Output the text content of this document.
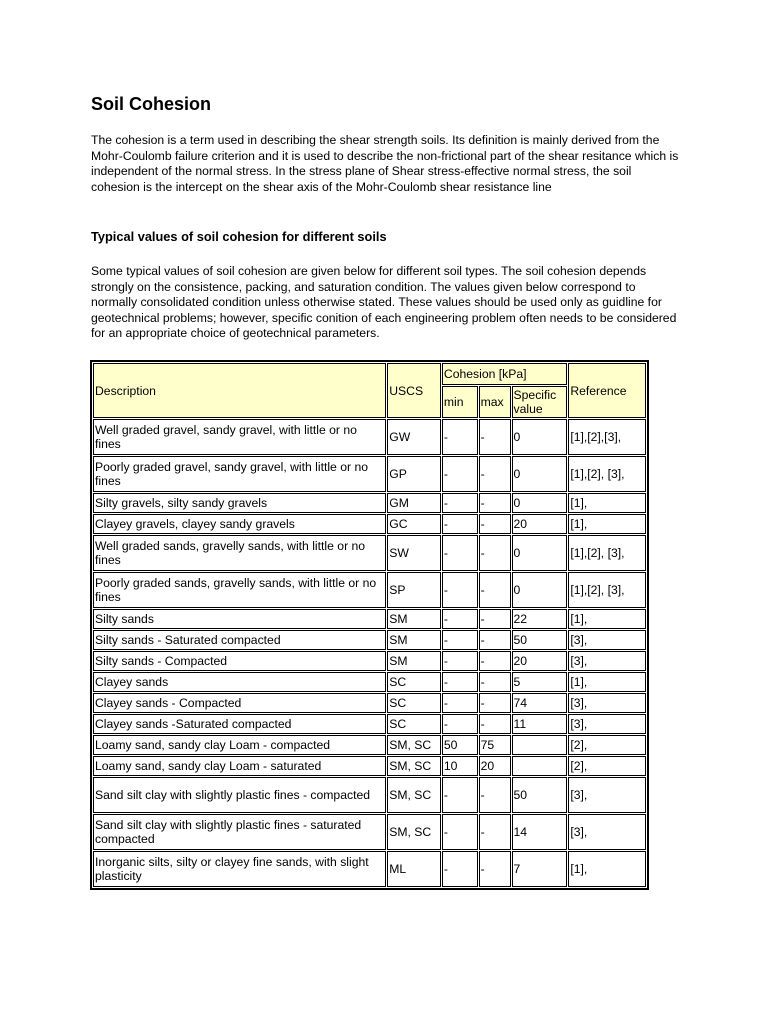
Soil Cohesion

The cohesion is a term used in describing the shear strength soils. Its definition is mainly derived from the Mohr-Coulomb failure criterion and it is used to describe the non-frictional part of the shear resitance which is independent of the normal stress. In the stress plane of Shear stress-effective normal stress, the soil cohesion is the intercept on the shear axis of the Mohr-Coulomb shear resistance line

Typical values of soil cohesion for different soils

Some typical values of soil cohesion are given below for different soil types. The soil cohesion depends strongly on the consistence, packing, and saturation condition. The values given below correspond to normally consolidated condition unless otherwise stated. These values should be used only as guidline for geotechnical problems; however, specific conition of each engineering problem often needs to be considered for an appropriate choice of geotechnical parameters.

Description	USCS	Cohesion [kPa]			Reference
		min	max	Specific value	
Well graded gravel, sandy gravel, with little or no fines	GW	-	-	0	[1],[2],[3],
Poorly graded gravel, sandy gravel, with little or no fines	GP	-	-	0	[1],[2], [3],
Silty gravels, silty sandy gravels	GM	-	-	0	[1],
Clayey gravels, clayey sandy gravels	GC	-	-	20	[1],
Well graded sands, gravelly sands, with little or no fines	SW	-	-	0	[1],[2], [3],
Poorly graded sands, gravelly sands, with little or no fines	SP	-	-	0	[1],[2], [3],
Silty sands	SM	-	-	22	[1],
Silty sands - Saturated compacted	SM	-	-	50	[3],
Silty sands - Compacted	SM	-	-	20	[3],
Clayey sands	SC	-	-	5	[1],
Clayey sands - Compacted	SC	-	-	74	[3],
Clayey sands -Saturated compacted	SC	-	-	11	[3],
Loamy sand, sandy clay Loam - compacted	SM, SC	50	75		[2],
Loamy sand, sandy clay Loam - saturated	SM, SC	10	20		[2],
Sand silt clay with slightly plastic fines - compacted	SM, SC	-	-	50	[3],
Sand silt clay with slightly plastic fines - saturated compacted	SM, SC	-	-	14	[3],
Inorganic silts, silty or clayey fine sands, with slight plasticity	ML	-	-	7	[1],
